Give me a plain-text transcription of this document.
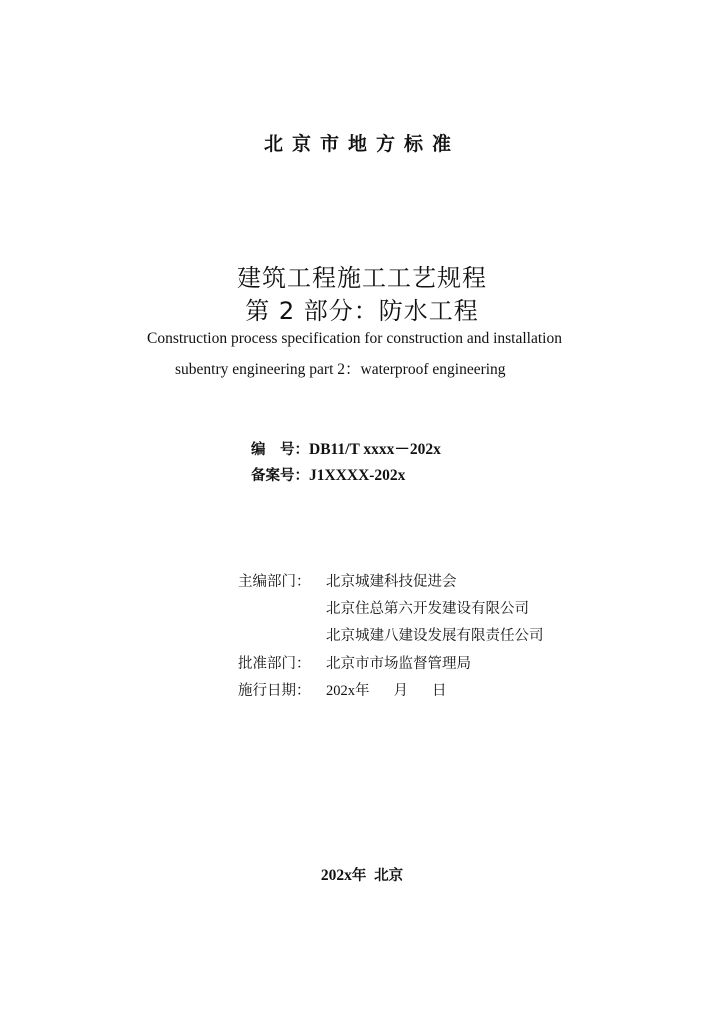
北京市地方标准
建筑工程施工工艺规程
第 2 部分：防水工程
Construction process specification for construction and installation
subentry engineering part 2：waterproof engineering
编　号：DB11/T xxxx－202x
备案号：J1XXXX-202x
主编部门： 北京城建科技促进会
北京住总第六开发建设有限公司
北京城建八建设发展有限责任公司
批准部门： 北京市市场监督管理局
施行日期： 202x年 月 日
202x年 北京
